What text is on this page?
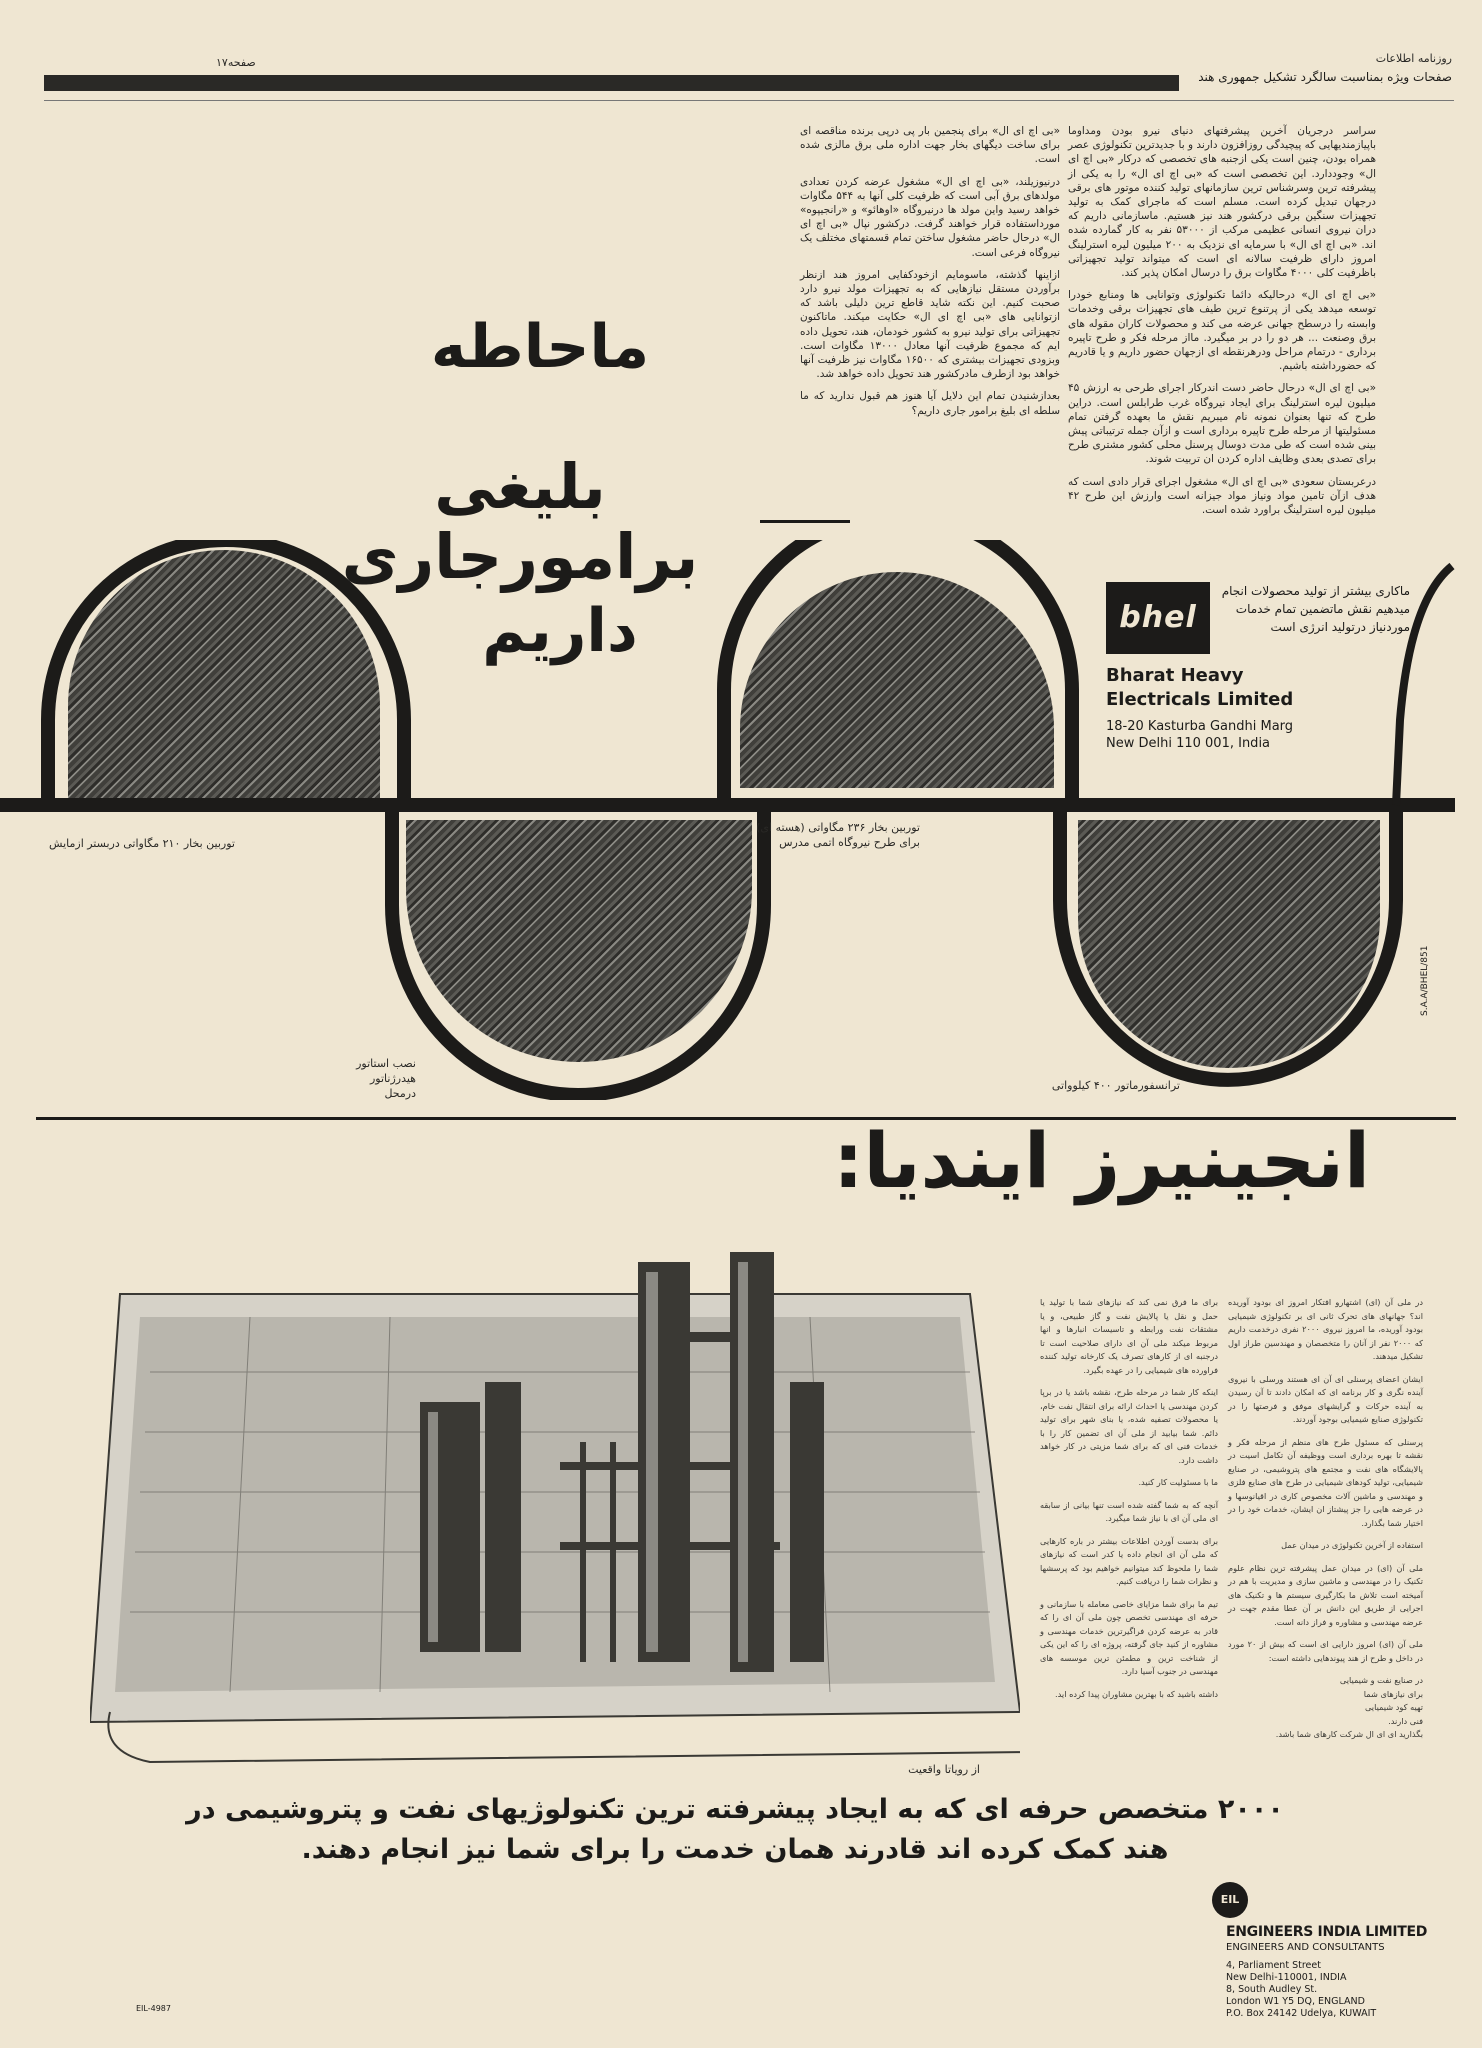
روزنامه اطلاعات
صفحه۱۷
صفحات ویژه بمناسبت سالگرد تشکیل جمهوری هند

سراسر درجریان آخرین پیشرفتهای دنیای نیرو بودن ومداوما باپیازمندیهایی که پیچیدگی روزافزون دارند و با جدیدترین تکنولوژی عصر همراه بودن، چنین است یکی ازجنبه های تخصصی که درکار «بی اچ ای ال» وجوددارد. این تخصصی است که «بی اچ ای ال» را به یکی از پیشرفته ترین وسرشناس ترین سازمانهای تولید کننده موتور های برقی درجهان تبدیل کرده است. مسلم است که ماجرای کمک به تولید تجهیزات سنگین برقی درکشور هند نیز هستیم. ماسازمانی داریم که دران نیروی انسانی عظیمی مرکب از ۵۳۰۰۰ نفر به کار گمارده شده اند. «بی اچ ای ال» با سرمایه ای نزدیک به ۲۰۰ میلیون لیره استرلینگ امروز دارای ظرفیت سالانه ای است که میتواند تولید تجهیزاتی باظرفیت کلی ۴۰۰۰ مگاوات برق را درسال امکان پذیر کند.

«بی اچ ای ال» درحالیکه دائما تکنولوژی وتوانایی ها ومنابع خودرا توسعه میدهد یکی از پرتنوع ترین طیف های تجهیزات برقی وخدمات وابسته را درسطح جهانی عرضه می کند و محصولات کاران مقوله های برق وصنعت ... هر دو را در بر میگیرد. مااز مرحله فکر و طرح تاپیره برداری - درتمام مراحل ودرهرنقطه ای ازجهان حضور داریم و یا قادریم که حضورداشته باشیم.

«بی اچ ای ال» درحال حاضر دست اندرکار اجرای طرحی به ارزش ۴۵ میلیون لیره استرلینگ برای ایجاد نیروگاه غرب طرابلس است. دراین طرح که تنها بعنوان نمونه نام میبریم نقش ما بعهده گرفتن تمام مسئولیتها از مرحله طرح تاپیره برداری است و ازآن جمله ترتیباتی پیش بینی شده است که طی مدت دوسال پرسنل محلی کشور مشتری طرح برای تصدی بعدی وظایف اداره کردن ان تربیت شوند.

درعربستان سعودی «بی اچ ای ال» مشغول اجرای قرار دادی است که هدف ازآن تامین مواد ونیاز مواد جیزانه است وارزش این طرح ۴۲ میلیون لیره استرلینگ براورد شده است.

«بی اچ ای ال» برای پنجمین بار پی درپی برنده مناقصه ای برای ساخت دیگهای بخار جهت اداره ملی برق مالزی شده است.

درنیوزیلند، «بی اچ ای ال» مشغول عرضه کردن تعدادی مولدهای برق آبی است که ظرفیت کلی آنها به ۵۴۴ مگاوات خواهد رسید واین مولد ها درنیروگاه «اوهائو» و «رانجیپوه» مورداستفاده قرار خواهند گرفت. درکشور نپال «بی اچ ای ال» درحال حاضر مشغول ساختن تمام قسمتهای مختلف یک نیروگاه فرعی است.

ازاینها گذشته، ماسومایم ازخودکفایی امروز هند ازنظر برآوردن مستقل نیازهایی که به تجهیزات مولد نیرو دارد صحبت کنیم. این نکته شاید قاطع ترین دلیلی باشد که ازتوانایی های «بی اچ ای ال» حکایت میکند. ماتاکنون تجهیزاتی برای تولید نیرو به کشور خودمان، هند، تحویل داده ایم که مجموع ظرفیت آنها معادل ۱۳۰۰۰ مگاوات است. وبزودی تجهیزات بیشتری که ۱۶۵۰۰ مگاوات نیز ظرفیت آنها خواهد بود ازطرف مادرکشور هند تحویل داده خواهد شد.

بعدازشنیدن تمام این دلایل آیا هنوز هم قبول ندارید که ما سلطه ای بلیغ برامور جاری داریم؟

ماحاطه
بلیغی برامورجاری
داریم
توربین بخار ۲۱۰ مگاواتی دربستر ازمایش
توربین بخار ۲۳۶ مگاواتی (هسته ای)
برای طرح نیروگاه اتمی مدرس
نصب استاتور
هیدرژناتور درمحل
ترانسفورماتور ۴۰۰ کیلوواتی
bhel
ماکاری بیشتر از تولید محصولات انجام میدهیم نقش ماتضمین تمام خدمات موردنیاز درتولید انرژی است
Bharat Heavy
Electricals Limited
18-20 Kasturba Gandhi Marg
New Delhi 110 001, India
S.A.A/BHEL/851
انجینیرز ایندیا:
از رویاتا واقعیت

در ملی آن (ای) اشتهارو افتکار امروز ای بودود آوریده اند؟ جهانهای های تحرک ثانی ای بر تکنولوژی شیمیایی بودود آوریده، ما امروز نیروی ۲۰۰۰ نفری درخدمت داریم که ۲۰۰۰ نفر از آنان را متخصصان و مهندسین طراز اول تشکیل میدهند.

ایشان اعضای پرسنلی ای آن ای هستند ورسلی با نیروی آینده نگری و کار برنامه ای که امکان دادند تا آن رسیدن به آینده حرکات و گرایشهای موفق و فرصتها را در تکنولوژی صنایع شیمیایی بوجود آوردند.

پرسنلی که مسئول طرح های منظم از مرحله فکر و نقشه تا بهره برداری است ووظیفه آن تکامل اسیت در پالایشگاه های نفت و مجتمع های پتروشیمی، در صنایع شیمیایی، تولید کودهای شیمیایی در طرح های صنایع فلزی و مهندسی و ماشین آلات مخصوص کاری در اقیانوسها و در عرضه هایی را جز پیشتاز ان ایشان، خدمات خود را در اختیار شما بگذارد.

استفاده از آخرین تکنولوژی در میدان عمل

ملی آن (ای) در میدان عمل پیشرفته ترین نظام علوم تکنیک را در مهندسی و ماشین سازی و مدیریت با هم در آمیخته است تلاش ما بکارگیری سیستم ها و تکنیک های اجرایی از طریق این دانش بر آن عطا مقدم جهت در عرضه مهندسی و مشاوره و فراز دانه است.

ملی آن (ای) امروز دارایی ای است که بیش از ۲۰ مورد در داخل و طرح از هند پیوندهایی داشته است:

در صنایع نفت و شیمیایی
برای نیازهای شما
تهیه کود شیمیایی
فنی دارند.
بگذارید ای ای ال شرکت کارهای شما باشد.

برای ما فرق نمی کند که نیازهای شما با تولید یا حمل و نقل یا پالایش نفت و گاز طبیعی، و یا مشتقات نفت ورابطه و تاسیسات انبارها و انها مربوط میکند ملی آن ای دارای صلاحیت است تا درجنبه ای از کارهای تصرف یک کارخانه تولید کننده فراورده های شیمیایی را در عهده بگیرد.

اینکه کار شما در مرحله طرح، نقشه باشد یا در برپا کردن مهندسی یا احداث ارائه برای انتقال نفت خام، یا محصولات تصفیه شده، یا بنای شهر برای تولید دائم. شما بیابید از ملی آن ای تضمین کار را با خدمات فنی ای که برای شما مزیتی در کار خواهد داشت دارد.

ما با مسئولیت کار کنید.

آنچه که به شما گفته شده است تنها بیانی از سابقه ای ملی آن ای با نیاز شما میگیرد.

برای بدست آوردن اطلاعات بیشتر در باره کارهایی که ملی آن ای انجام داده یا کدر است که نیازهای شما را ملحوظ کند میتوانیم خواهیم بود که پرسشها و نظرات شما را دریافت کنیم.

تیم ما برای شما مزایای خاصی معامله با سازمانی و حرفه ای مهندسی تخصص چون ملی آن ای را که قادر به عرضه کردن فراگیرترین خدمات مهندسی و مشاوره از کنید جای گرفته، پروژه ای را که این یکی از شناخت ترین و مطمئن ترین موسسه های مهندسی در جنوب آسیا دارد.

داشته باشید که با بهترین مشاوران پیدا کرده اید.

۲۰۰۰ متخصص حرفه ای که به ایجاد پیشرفته ترین تکنولوژیهای نفت و پتروشیمی در
هند کمک کرده اند قادرند همان خدمت را برای شما نیز انجام دهند.
EIL
ENGINEERS INDIA LIMITED
ENGINEERS AND CONSULTANTS
4, Parliament Street
New Delhi-110001, INDIA
8, South Audley St.
London W1 Y5 DQ, ENGLAND
P.O. Box 24142 Udelya, KUWAIT
EIL-4987
